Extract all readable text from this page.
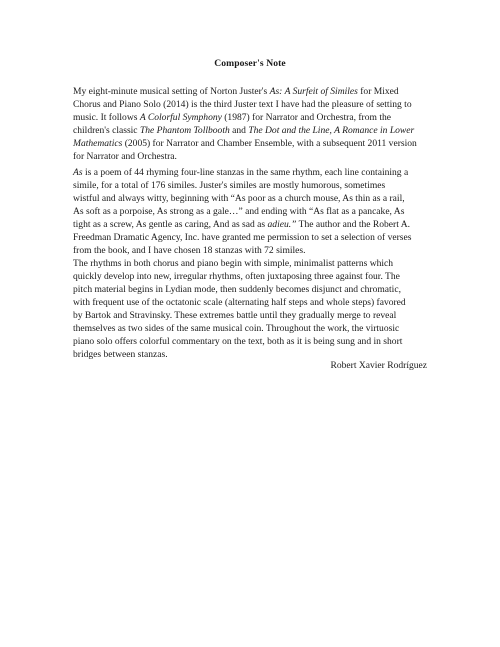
Composer's Note

My eight-minute musical setting of Norton Juster's As: A Surfeit of Similes for Mixed
Chorus and Piano Solo (2014) is the third Juster text I have had the pleasure of setting to
music. It follows A Colorful Symphony (1987) for Narrator and Orchestra, from the
children's classic The Phantom Tollbooth and The Dot and the Line, A Romance in Lower
Mathematics (2005) for Narrator and Chamber Ensemble, with a subsequent 2011 version
for Narrator and Orchestra.

As is a poem of 44 rhyming four-line stanzas in the same rhythm, each line containing a
simile, for a total of 176 similes. Juster's similes are mostly humorous, sometimes
wistful and always witty, beginning with “As poor as a church mouse, As thin as a rail,
As soft as a porpoise, As strong as a gale…” and ending with “As flat as a pancake, As
tight as a screw, As gentle as caring, And as sad as adieu.” The author and the Robert A.
Freedman Dramatic Agency, Inc. have granted me permission to set a selection of verses
from the book, and I have chosen 18 stanzas with 72 similes.

The rhythms in both chorus and piano begin with simple, minimalist patterns which
quickly develop into new, irregular rhythms, often juxtaposing three against four. The
pitch material begins in Lydian mode, then suddenly becomes disjunct and chromatic,
with frequent use of the octatonic scale (alternating half steps and whole steps) favored
by Bartok and Stravinsky. These extremes battle until they gradually merge to reveal
themselves as two sides of the same musical coin. Throughout the work, the virtuosic
piano solo offers colorful commentary on the text, both as it is being sung and in short
bridges between stanzas.

Robert Xavier Rodríguez
